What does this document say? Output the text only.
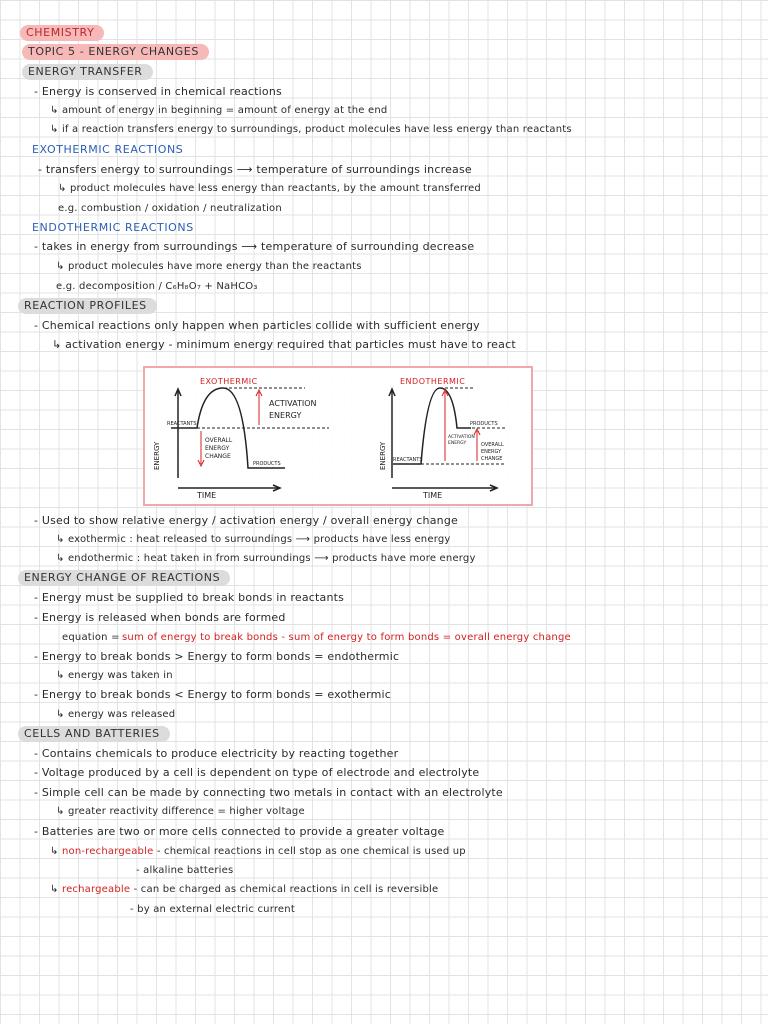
CHEMISTRY
TOPIC 5 - ENERGY CHANGES
ENERGY TRANSFER
- Energy is conserved in chemical reactions
↳ amount of energy in beginning = amount of energy at the end
↳ if a reaction transfers energy to surroundings, product molecules have less energy than reactants
EXOTHERMIC REACTIONS
- transfers energy to surroundings ⟶ temperature of surroundings increase
↳ product molecules have less energy than reactants, by the amount transferred
e.g. combustion / oxidation / neutralization
ENDOTHERMIC REACTIONS
- takes in energy from surroundings ⟶ temperature of surrounding decrease
↳ product molecules have more energy than the reactants
e.g. decomposition / C₆H₈O₇ + NaHCO₃
REACTION PROFILES
- Chemical reactions only happen when particles collide with sufficient energy
↳ activation energy - minimum energy required that particles must have to react
EXOTHERMIC
REACTANTS
PRODUCTS
ACTIVATION
ENERGY
OVERALL
ENERGY
CHANGE
ENERGY
TIME
ENDOTHERMIC
PRODUCTS
REACTANTS
ACTIVATION
ENERGY	OVERALL
ENERGY
CHANGE
ENERGY
TIME
- Used to show relative energy / activation energy / overall energy change
↳ exothermic : heat released to surroundings ⟶ products have less energy
↳ endothermic : heat taken in from surroundings ⟶ products have more energy
ENERGY CHANGE OF REACTIONS
- Energy must be supplied to break bonds in reactants
- Energy is released when bonds are formed
equation = sum of energy to break bonds - sum of energy to form bonds = overall energy change
- Energy to break bonds > Energy to form bonds = endothermic
↳ energy was taken in
- Energy to break bonds < Energy to form bonds = exothermic
↳ energy was released
CELLS AND BATTERIES
- Contains chemicals to produce electricity by reacting together
- Voltage produced by a cell is dependent on type of electrode and electrolyte
- Simple cell can be made by connecting two metals in contact with an electrolyte
↳ greater reactivity difference = higher voltage
- Batteries are two or more cells connected to provide a greater voltage
↳ non-rechargeable - chemical reactions in cell stop as one chemical is used up
- alkaline batteries
↳ rechargeable - can be charged as chemical reactions in cell is reversible
- by an external electric current
